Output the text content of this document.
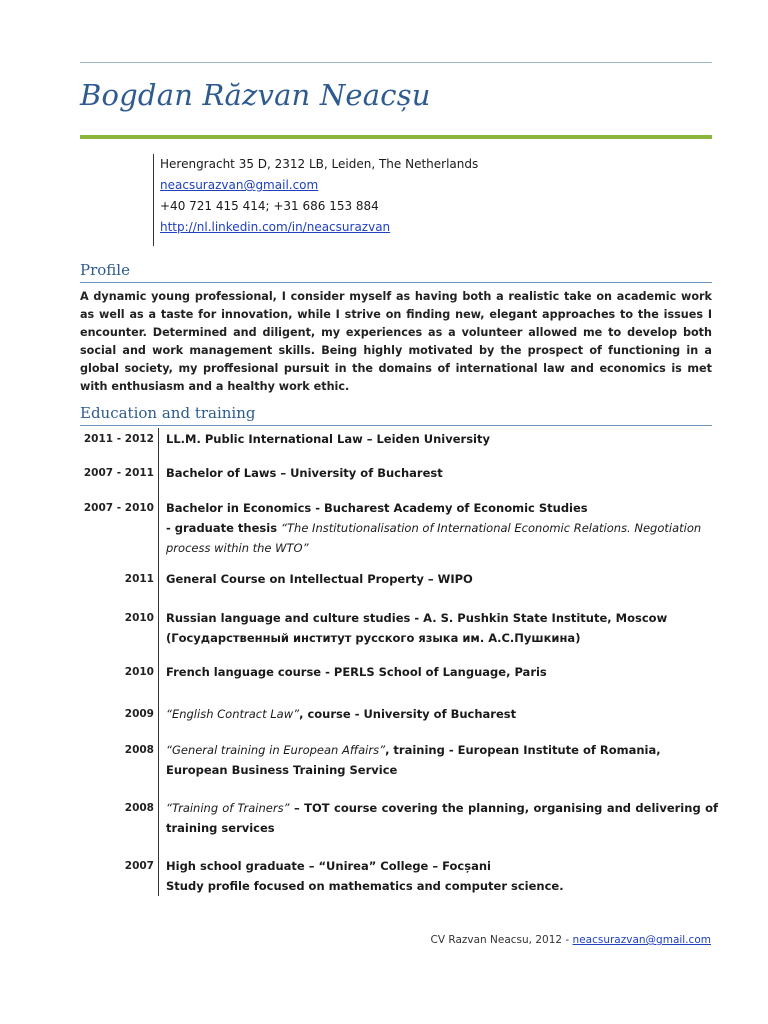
Bogdan Răzvan Neacșu
Herengracht 35 D, 2312 LB, Leiden, The Netherlands
neacsurazvan@gmail.com
+40 721 415 414; +31 686 153 884
http://nl.linkedin.com/in/neacsurazvan
Profile
A dynamic young professional, I consider myself as having both a realistic take on academic work as well as a taste for innovation, while I strive on finding new, elegant approaches to the issues I encounter. Determined and diligent, my experiences as a volunteer allowed me to develop both social and work management skills. Being highly motivated by the prospect of functioning in a global society, my proffesional pursuit in the domains of international law and economics is met with enthusiasm and a healthy work ethic.
Education and training
2011 - 2012 LL.M. Public International Law – Leiden University
2007 - 2011 Bachelor of Laws – University of Bucharest
2007 - 2010 Bachelor in Economics - Bucharest Academy of Economic Studies
- graduate thesis “The Institutionalisation of International Economic Relations. Negotiation process within the WTO”
2011 General Course on Intellectual Property – WIPO
2010 Russian language and culture studies - A. S. Pushkin State Institute, Moscow
(Государственный институт русского языка им. А.С.Пушкина)
2010 French language course - PERLS School of Language, Paris
2009 “English Contract Law”, course - University of Bucharest
2008 “General training in European Affairs”, training - European Institute of Romania, European Business Training Service
2008 “Training of Trainers” – TOT course covering the planning, organising and delivering of training services
2007 High school graduate – “Unirea” College – Focșani
Study profile focused on mathematics and computer science.
CV Razvan Neacsu, 2012 - neacsurazvan@gmail.com
